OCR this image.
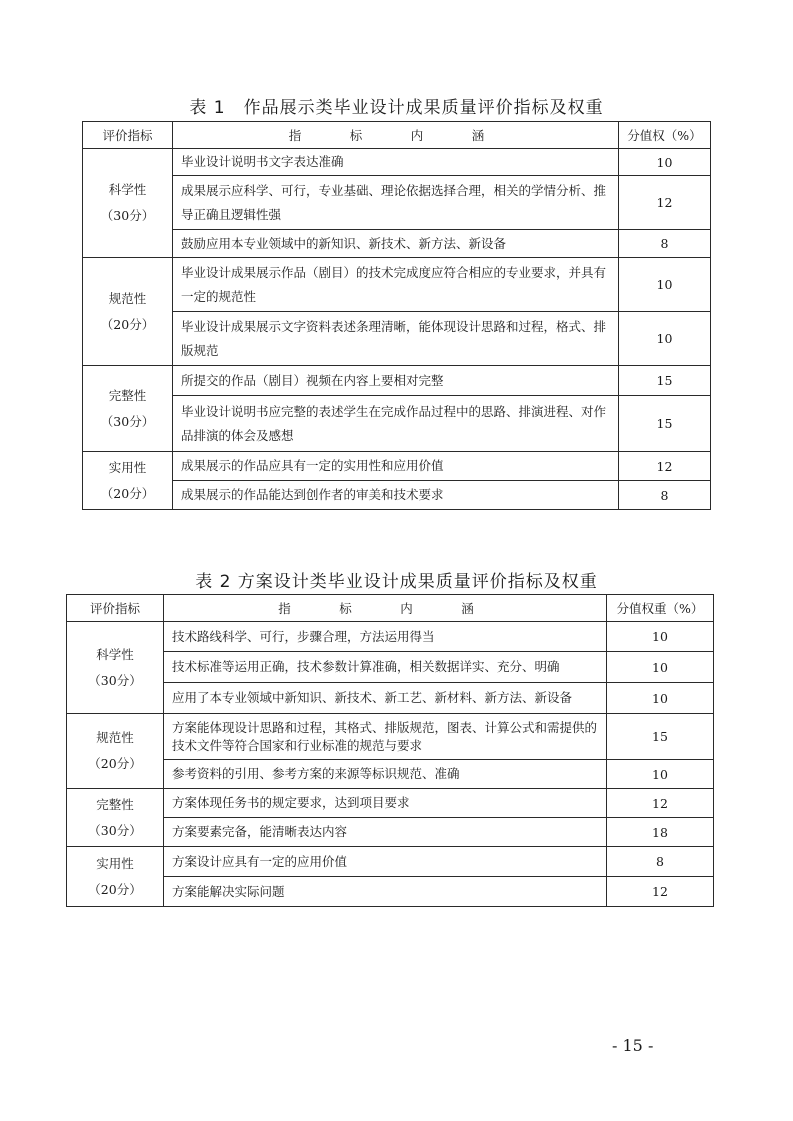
表 1　作品展示类毕业设计成果质量评价指标及权重
评价指标	指　标　内　涵	分值权（%）

科学性
（30分）	毕业设计说明书文字表达准确	10
	成果展示应科学、可行，专业基础、理论依据选择合理，相关的学情分析、推导正确且逻辑性强	12
	鼓励应用本专业领域中的新知识、新技术、新方法、新设备	8

规范性
（20分）	毕业设计成果展示作品（剧目）的技术完成度应符合相应的专业要求，并具有一定的规范性	10
	毕业设计成果展示文字资料表述条理清晰，能体现设计思路和过程，格式、排版规范	10

完整性
（30分）	所提交的作品（剧目）视频在内容上要相对完整	15
	毕业设计说明书应完整的表述学生在完成作品过程中的思路、排演进程、对作品排演的体会及感想	15

实用性
（20分）	成果展示的作品应具有一定的实用性和应用价值	12
	成果展示的作品能达到创作者的审美和技术要求	8
表 2 方案设计类毕业设计成果质量评价指标及权重
评价指标	指　标　内　涵	分值权重（%）

科学性
（30分）	技术路线科学、可行，步骤合理，方法运用得当	10
	技术标准等运用正确，技术参数计算准确，相关数据详实、充分、明确	10
	应用了本专业领域中新知识、新技术、新工艺、新材料、新方法、新设备	10

规范性
（20分）	方案能体现设计思路和过程，其格式、排版规范，图表、计算公式和需提供的技术文件等符合国家和行业标准的规范与要求	15
	参考资料的引用、参考方案的来源等标识规范、准确	10

完整性
（30分）	方案体现任务书的规定要求，达到项目要求	12
	方案要素完备，能清晰表达内容	18

实用性
（20分）	方案设计应具有一定的应用价值	8
	方案能解决实际问题	12
- 15 -
